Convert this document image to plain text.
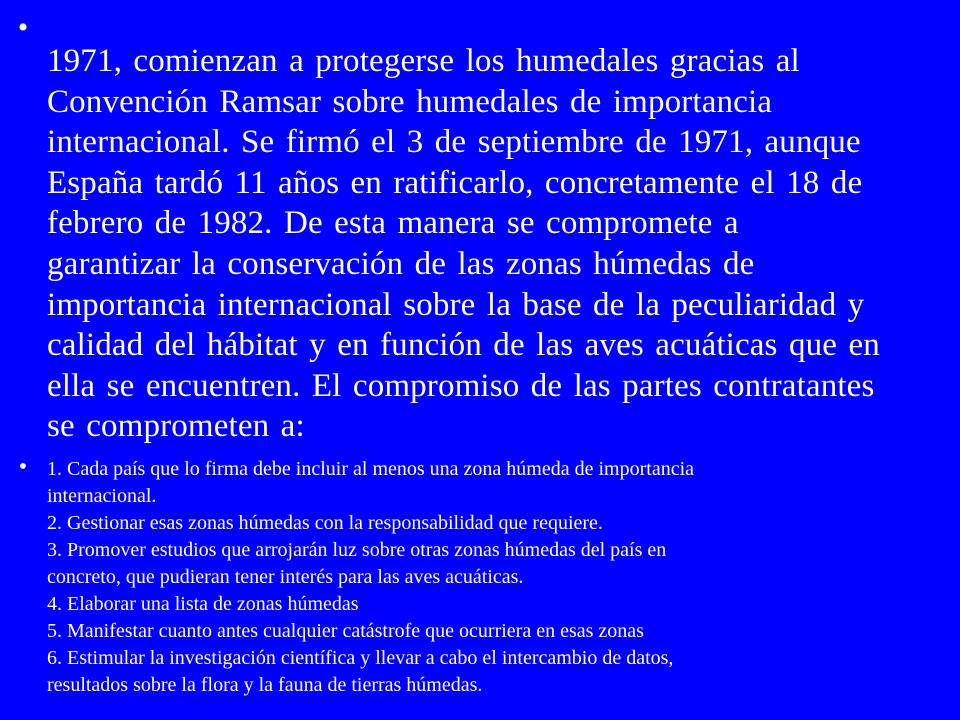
•
1971, comienzan a protegerse los humedales gracias al
Convención Ramsar sobre humedales de importancia
internacional. Se firmó el 3 de septiembre de 1971, aunque
España tardó 11 años en ratificarlo, concretamente el 18 de
febrero de 1982. De esta manera se compromete a
garantizar la conservación de las zonas húmedas de
importancia internacional sobre la base de la peculiaridad y
calidad del hábitat y en función de las aves acuáticas que en
ella se encuentren. El compromiso de las partes contratantes
se comprometen a:
• 1. Cada país que lo firma debe incluir al menos una zona húmeda de importancia
internacional.
2. Gestionar esas zonas húmedas con la responsabilidad que requiere.
3. Promover estudios que arrojarán luz sobre otras zonas húmedas del país en
concreto, que pudieran tener interés para las aves acuáticas.
4. Elaborar una lista de zonas húmedas
5. Manifestar cuanto antes cualquier catástrofe que ocurriera en esas zonas
6. Estimular la investigación científica y llevar a cabo el intercambio de datos,
resultados sobre la flora y la fauna de tierras húmedas.
